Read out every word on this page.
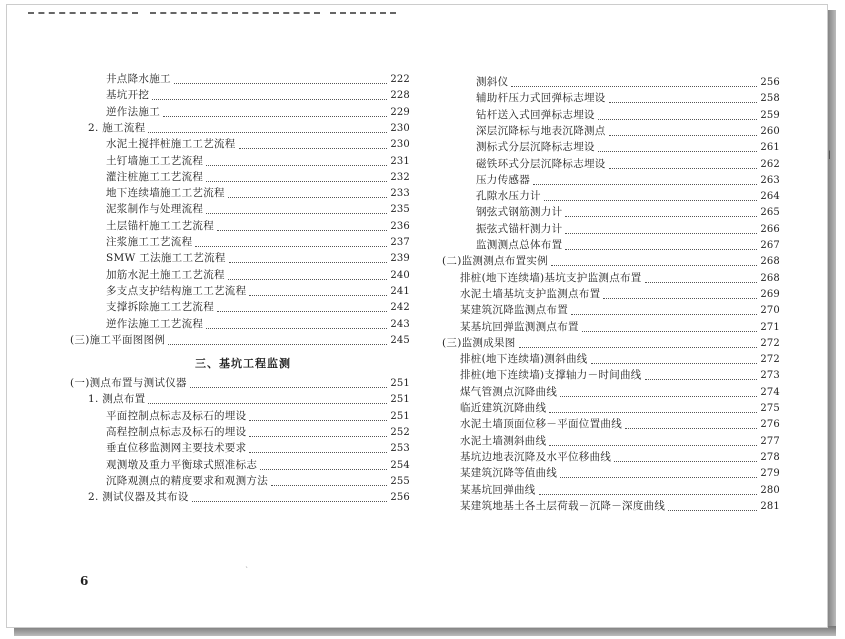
井点降水施工	222
基坑开挖	228
逆作法施工	229
2. 施工流程	230
水泥土搅拌桩施工工艺流程	230
土钉墙施工工艺流程	231
灌注桩施工工艺流程	232
地下连续墙施工工艺流程	233
泥浆制作与处理流程	235
土层锚杆施工工艺流程	236
注浆施工工艺流程	237
SMW 工法施工工艺流程	239
加筋水泥土施工工艺流程	240
多支点支护结构施工工艺流程	241
支撑拆除施工工艺流程	242
逆作法施工工艺流程	243
(三)施工平面图图例	245
三、基坑工程监测
(一)测点布置与测试仪器	251
1. 测点布置	251
平面控制点标志及标石的埋设	251
高程控制点标志及标石的埋设	252
垂直位移监测网主要技术要求	253
观测墩及重力平衡球式照准标志	254
沉降观测点的精度要求和观测方法	255
2. 测试仪器及其布设	256
测斜仪	256
辅助杆压力式回弹标志埋设	258
钻杆送入式回弹标志埋设	259
深层沉降标与地表沉降测点	260
测标式分层沉降标志埋设	261
磁铁环式分层沉降标志埋设	262
压力传感器	263
孔隙水压力计	264
钢弦式钢筋测力计	265
振弦式锚杆测力计	266
监测测点总体布置	267
(二)监测测点布置实例	268
排桩(地下连续墙)基坑支护监测点布置	268
水泥土墙基坑支护监测点布置	269
某建筑沉降监测点布置	270
某基坑回弹监测测点布置	271
(三)监测成果图	272
排桩(地下连续墙)测斜曲线	272
排桩(地下连续墙)支撑轴力－时间曲线	273
煤气管测点沉降曲线	274
临近建筑沉降曲线	275
水泥土墙顶面位移－平面位置曲线	276
水泥土墙测斜曲线	277
基坑边地表沉降及水平位移曲线	278
某建筑沉降等值曲线	279
某基坑回弹曲线	280
某建筑地基土各土层荷载－沉降－深度曲线	281
6
ˋ
|
